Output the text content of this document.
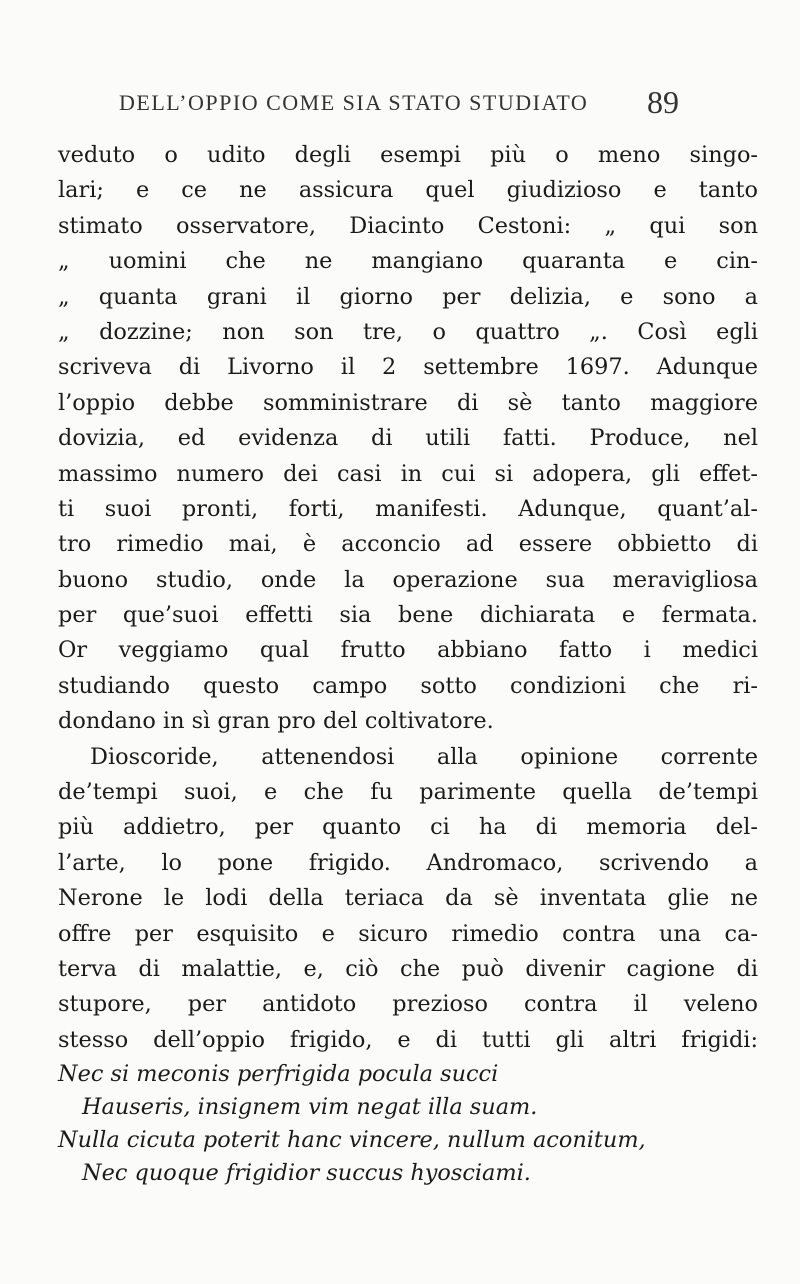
DELL’OPPIO COME SIA STATO STUDIATO 89
veduto o udito degli esempi più o meno singo-
lari; e ce ne assicura quel giudizioso e tanto
stimato osservatore, Diacinto Cestoni: „ qui son
„ uomini che ne mangiano quaranta e cin-
„ quanta grani il giorno per delizia, e sono a
„ dozzine; non son tre, o quattro „. Così egli
scriveva di Livorno il 2 settembre 1697. Adunque
l’oppio debbe somministrare di sè tanto maggiore
dovizia, ed evidenza di utili fatti. Produce, nel
massimo numero dei casi in cui si adopera, gli effet-
ti suoi pronti, forti, manifesti. Adunque, quant’al-
tro rimedio mai, è acconcio ad essere obbietto di
buono studio, onde la operazione sua meravigliosa
per que’suoi effetti sia bene dichiarata e fermata.
Or veggiamo qual frutto abbiano fatto i medici
studiando questo campo sotto condizioni che ri-
dondano in sì gran pro del coltivatore.
Dioscoride, attenendosi alla opinione corrente
de’tempi suoi, e che fu parimente quella de’tempi
più addietro, per quanto ci ha di memoria del-
l’arte, lo pone frigido. Andromaco, scrivendo a
Nerone le lodi della teriaca da sè inventata glie ne
offre per esquisito e sicuro rimedio contra una ca-
terva di malattie, e, ciò che può divenir cagione di
stupore, per antidoto prezioso contra il veleno
stesso dell’oppio frigido, e di tutti gli altri frigidi:
Nec si meconis perfrigida pocula succi
Hauseris, insignem vim negat illa suam.
Nulla cicuta poterit hanc vincere, nullum aconitum,
Nec quoque frigidior succus hyosciami.
